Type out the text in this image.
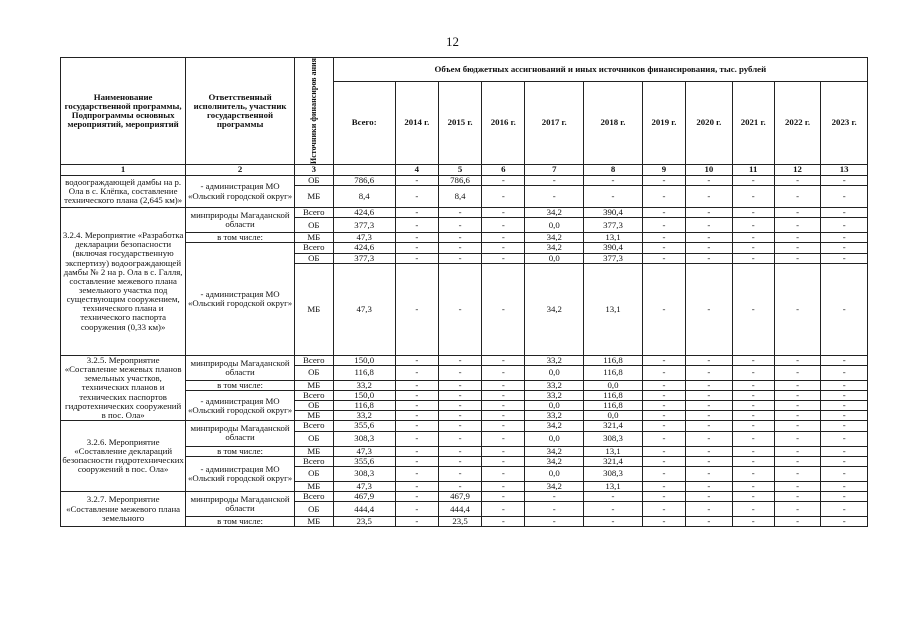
12
Наименование государственной программы, Подпрограммы основных мероприятий, мероприятий	Ответственный исполнитель, участник государственной программы	Источники финансиров ания	Объем бюджетных ассигнований и иных источников финансирования, тыс. рублей										
			Всего:	2014 г.	2015 г.	2016 г.	2017 г.	2018 г.	2019 г.	2020 г.	2021 г.	2022 г.	2023 г.
1	2	3		4	5	6	7	8	9	10	11	12	13
водоограждающей дамбы на р. Ола в с. Клёпка, составление технического плана (2,645 км)»	- администрация МО «Ольский городской округ»	ОБ	786,6	-	786,6	-	-	-	-	-	-	-	-
		МБ	8,4	-	8,4	-	-	-	-	-	-	-	-
3.2.4. Мероприятие «Разработка декларации безопасности (включая государственную экспертизу) водоограждающей дамбы № 2 на р. Ола в с. Галля, составление межевого плана земельного участка под существующим сооружением, технического плана и технического паспорта сооружения (0,33 км)»	минприроды Магаданской области	Всего	424,6	-	-	-	34,2	390,4	-	-	-	-	-
		ОБ	377,3	-	-	-	0,0	377,3	-	-	-	-	-
	в том числе:	МБ	47,3	-	-	-	34,2	13,1	-	-	-	-	-
	- администрация МО «Ольский городской округ»	Всего	424,6	-	-	-	34,2	390,4	-	-	-	-	-
		ОБ	377,3	-	-	-	0,0	377,3	-	-	-	-	-
		МБ	47,3	-	-	-	34,2	13,1	-	-	-	-	-
3.2.5. Мероприятие «Составление межевых планов земельных участков, технических планов и технических паспортов гидротехнических сооружений в пос. Ола»	минприроды Магаданской области	Всего	150,0	-	-	-	33,2	116,8	-	-	-	-	-
		ОБ	116,8	-	-	-	0,0	116,8	-	-	-	-	-
	в том числе:	МБ	33,2	-	-	-	33,2	0,0	-	-	-	-	-
	- администрация МО «Ольский городской округ»	Всего	150,0	-	-	-	33,2	116,8	-	-	-	-	-
		ОБ	116,8	-	-	-	0,0	116,8	-	-	-	-	-
		МБ	33,2	-	-	-	33,2	0,0	-	-	-	-	-
3.2.6. Мероприятие «Составление деклараций безопасности гидротехнических сооружений в пос. Ола»	минприроды Магаданской области	Всего	355,6	-	-	-	34,2	321,4	-	-	-	-	-
		ОБ	308,3	-	-	-	0,0	308,3	-	-	-	-	-
	в том числе:	МБ	47,3	-	-	-	34,2	13,1	-	-	-	-	-
	- администрация МО «Ольский городской округ»	Всего	355,6	-	-	-	34,2	321,4	-	-	-	-	-
		ОБ	308,3	-	-	-	0,0	308,3	-	-	-	-	-
		МБ	47,3	-	-	-	34,2	13,1	-	-	-	-	-
3.2.7. Мероприятие «Составление межевого плана земельного	минприроды Магаданской области	Всего	467,9	-	467,9	-	-	-	-	-	-	-	-
		ОБ	444,4	-	444,4	-	-	-	-	-	-	-	-
	в том числе:	МБ	23,5	-	23,5	-	-	-	-	-	-	-	-
